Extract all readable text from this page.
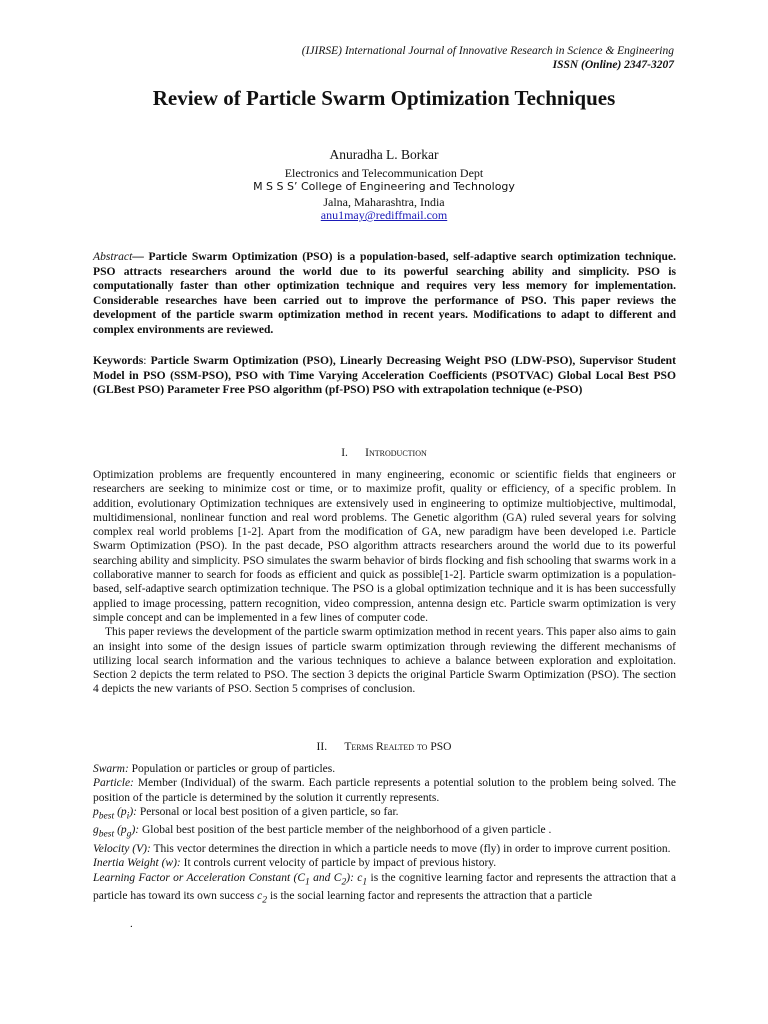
(IJIRSE) International Journal of Innovative Research in Science & Engineering
ISSN (Online) 2347-3207
Review of Particle Swarm Optimization Techniques
Anuradha L. Borkar
Electronics and Telecommunication Dept
M S S S’ College of Engineering and Technology
Jalna, Maharashtra, India
anu1may@rediffmail.com
Abstract— Particle Swarm Optimization (PSO) is a population-based, self-adaptive search optimization technique. PSO attracts researchers around the world due to its powerful searching ability and simplicity. PSO is computationally faster than other optimization technique and requires very less memory for implementation. Considerable researches have been carried out to improve the performance of PSO. This paper reviews the development of the particle swarm optimization method in recent years. Modifications to adapt to different and complex environments are reviewed.
Keywords: Particle Swarm Optimization (PSO), Linearly Decreasing Weight PSO (LDW-PSO), Supervisor Student Model in PSO (SSM-PSO), PSO with Time Varying Acceleration Coefficients (PSOTVAC) Global Local Best PSO (GLBest PSO) Parameter Free PSO algorithm (pf-PSO) PSO with extrapolation technique (e-PSO)
I. Introduction

Optimization problems are frequently encountered in many engineering, economic or scientific fields that engineers or researchers are seeking to minimize cost or time, or to maximize profit, quality or efficiency, of a specific problem. In addition, evolutionary Optimization techniques are extensively used in engineering to optimize multiobjective, multimodal, multidimensional, nonlinear function and real word problems. The Genetic algorithm (GA) ruled several years for solving complex real world problems [1-2]. Apart from the modification of GA, new paradigm have been developed i.e. Particle Swarm Optimization (PSO). In the past decade, PSO algorithm attracts researchers around the world due to its powerful searching ability and simplicity. PSO simulates the swarm behavior of birds flocking and fish schooling that swarms work in a collaborative manner to search for foods as efficient and quick as possible[1-2]. Particle swarm optimization is a population-based, self-adaptive search optimization technique. The PSO is a global optimization technique and it is has been successfully applied to image processing, pattern recognition, video compression, antenna design etc. Particle swarm optimization is very simple concept and can be implemented in a few lines of computer code.

This paper reviews the development of the particle swarm optimization method in recent years. This paper also aims to gain an insight into some of the design issues of particle swarm optimization through reviewing the different mechanisms of utilizing local search information and the various techniques to achieve a balance between exploration and exploitation. Section 2 depicts the term related to PSO. The section 3 depicts the original Particle Swarm Optimization (PSO). The section 4 depicts the new variants of PSO. Section 5 comprises of conclusion.

II. Terms Realted to PSO

Swarm: Population or particles or group of particles.

Particle: Member (Individual) of the swarm. Each particle represents a potential solution to the problem being solved. The position of the particle is determined by the solution it currently represents.

$p_{best}$ $(p_i)$: Personal or local best position of a given particle, so far.

$g_{best}$ $(p_g)$: Global best position of the best particle member of the neighborhood of a given particle .

Velocity (V): This vector determines the direction in which a particle needs to move (fly) in order to improve current position.

Inertia Weight (w): It controls current velocity of particle by impact of previous history.

Learning Factor or Acceleration Constant ($C_1$ and $C_2$): $c_1$ is the cognitive learning factor and represents the attraction that a particle has toward its own success $c_2$ is the social learning factor and represents the attraction that a particle

.
